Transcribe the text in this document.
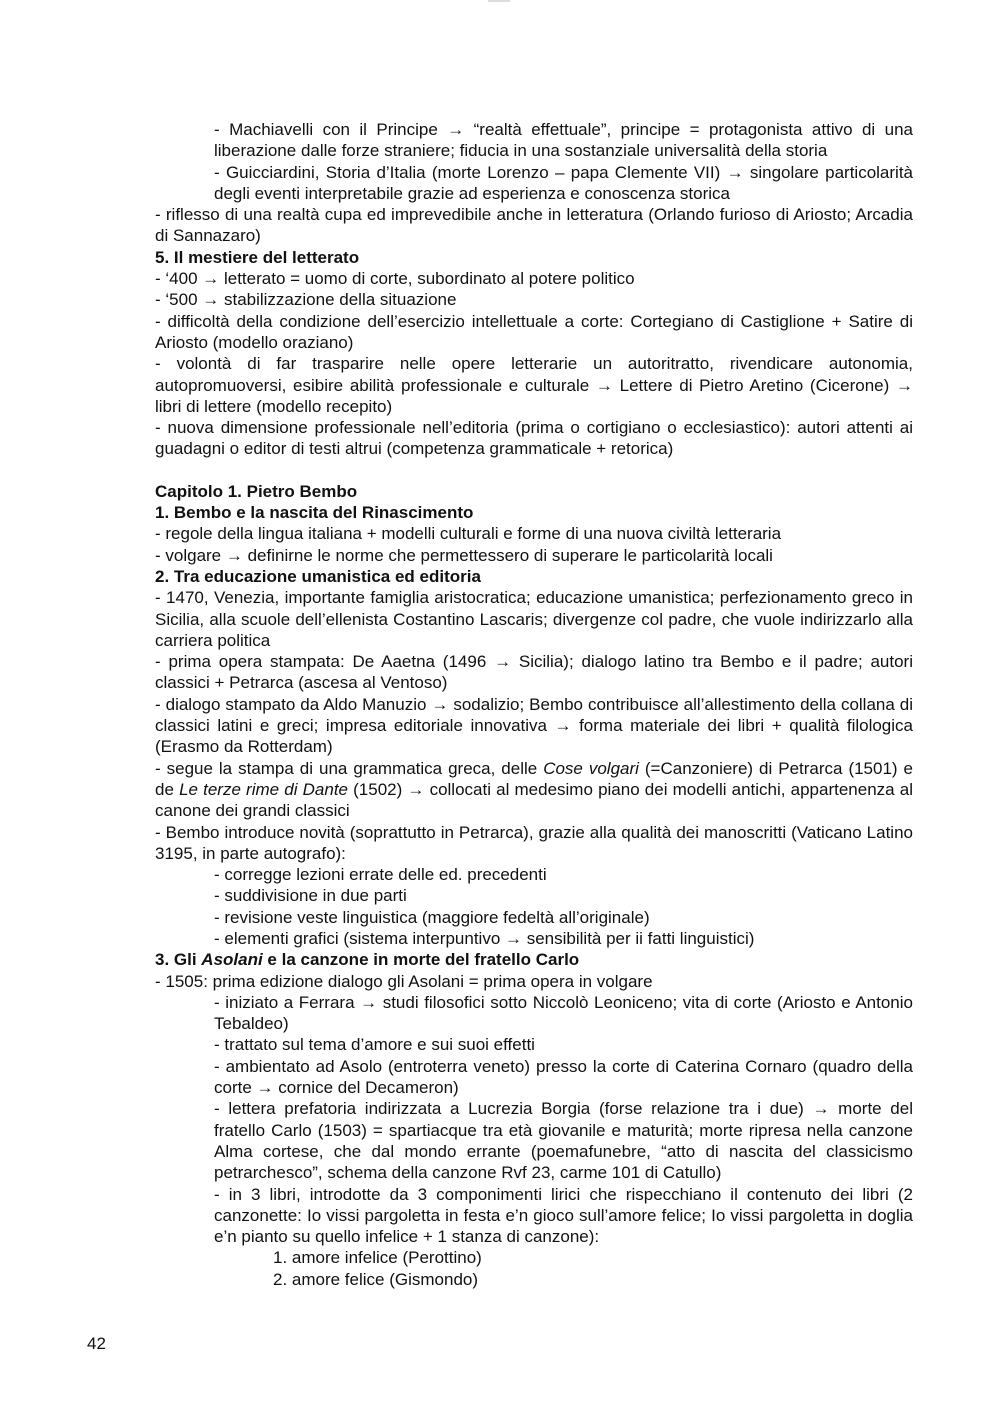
- Machiavelli con il Principe → “realtà effettuale”, principe = protagonista attivo di una liberazione dalle forze straniere; fiducia in una sostanziale universalità della storia
- Guicciardini, Storia d’Italia (morte Lorenzo – papa Clemente VII) → singolare particolarità degli eventi interpretabile grazie ad esperienza e conoscenza storica
- riflesso di una realtà cupa ed imprevedibile anche in letteratura (Orlando furioso di Ariosto; Arcadia di Sannazaro)
5. Il mestiere del letterato
- ‘400 → letterato = uomo di corte, subordinato al potere politico
- ‘500 → stabilizzazione della situazione
- difficoltà della condizione dell’esercizio intellettuale a corte: Cortegiano di Castiglione + Satire di Ariosto (modello oraziano)
- volontà di far trasparire nelle opere letterarie un autoritratto, rivendicare autonomia, autopromuoversi, esibire abilità professionale e culturale → Lettere di Pietro Aretino (Cicerone) → libri di lettere (modello recepito)
- nuova dimensione professionale nell’editoria (prima o cortigiano o ecclesiastico): autori attenti ai guadagni o editor di testi altrui (competenza grammaticale + retorica)
Capitolo 1. Pietro Bembo
1. Bembo e la nascita del Rinascimento
- regole della lingua italiana + modelli culturali e forme di una nuova civiltà letteraria
- volgare → definirne le norme che permettessero di superare le particolarità locali
2. Tra educazione umanistica ed editoria
- 1470, Venezia, importante famiglia aristocratica; educazione umanistica; perfezionamento greco in Sicilia, alla scuole dell’ellenista Costantino Lascaris; divergenze col padre, che vuole indirizzarlo alla carriera politica
- prima opera stampata: De Aaetna (1496 → Sicilia); dialogo latino tra Bembo e il padre; autori classici + Petrarca (ascesa al Ventoso)
- dialogo stampato da Aldo Manuzio → sodalizio; Bembo contribuisce all’allestimento della collana di classici latini e greci; impresa editoriale innovativa → forma materiale dei libri + qualità filologica (Erasmo da Rotterdam)
- segue la stampa di una grammatica greca, delle Cose volgari (=Canzoniere) di Petrarca (1501) e de Le terze rime di Dante (1502) → collocati al medesimo piano dei modelli antichi, appartenenza al canone dei grandi classici
- Bembo introduce novità (soprattutto in Petrarca), grazie alla qualità dei manoscritti (Vaticano Latino 3195, in parte autografo):
- corregge lezioni errate delle ed. precedenti
- suddivisione in due parti
- revisione veste linguistica (maggiore fedeltà all’originale)
- elementi grafici (sistema interpuntivo → sensibilità per ii fatti linguistici)
3. Gli Asolani e la canzone in morte del fratello Carlo
- 1505: prima edizione dialogo gli Asolani = prima opera in volgare
- iniziato a Ferrara → studi filosofici sotto Niccolò Leoniceno; vita di corte (Ariosto e Antonio Tebaldeo)
- trattato sul tema d’amore e sui suoi effetti
- ambientato ad Asolo (entroterra veneto) presso la corte di Caterina Cornaro (quadro della corte → cornice del Decameron)
- lettera prefatoria indirizzata a Lucrezia Borgia (forse relazione tra i due) → morte del fratello Carlo (1503) = spartiacque tra età giovanile e maturità; morte ripresa nella canzone Alma cortese, che dal mondo errante (poemafunebre, “atto di nascita del classicismo petrarchesco”, schema della canzone Rvf 23, carme 101 di Catullo)
- in 3 libri, introdotte da 3 componimenti lirici che rispecchiano il contenuto dei libri (2 canzonette: Io vissi pargoletta in festa e’n gioco sull’amore felice; Io vissi pargoletta in doglia e’n pianto su quello infelice + 1 stanza di canzone):
1. amore infelice (Perottino)
2. amore felice (Gismondo)
42
